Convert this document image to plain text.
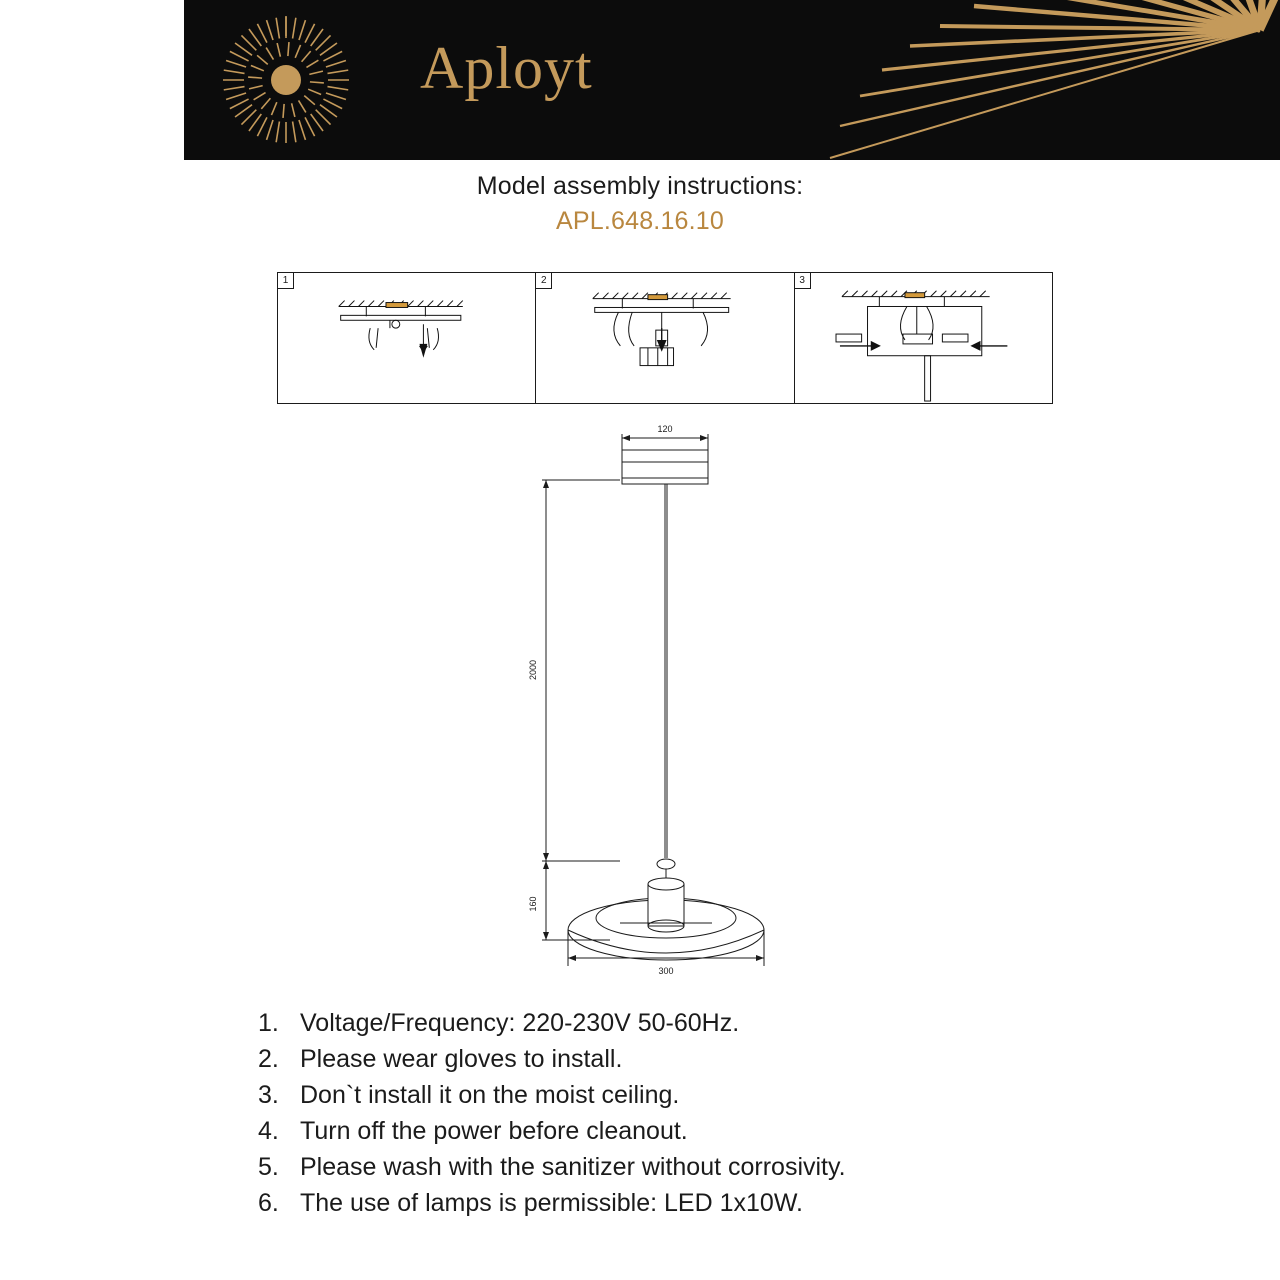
Aployt
Model assembly instructions:
APL.648.16.10
1	2	3
120
2000
160
300
1. Voltage/Frequency: 220-230V 50-60Hz.
2. Please wear gloves to install.
3. Don`t install it on the moist ceiling.
4. Turn off the power before cleanout.
5. Please wash with the sanitizer without corrosivity.
6. The use of lamps is permissible: LED 1x10W.
